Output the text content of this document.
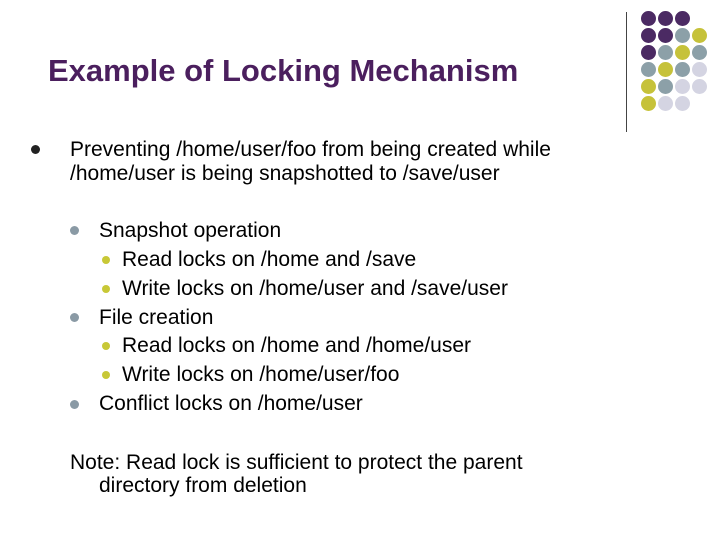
Example of Locking Mechanism
Preventing /home/user/foo from being created while
/home/user is being snapshotted to /save/user
Snapshot operation
Read locks on /home and /save
Write locks on /home/user and /save/user
File creation
Read locks on /home and /home/user
Write locks on /home/user/foo
Conflict locks on /home/user
Note: Read lock is sufficient to protect the parent
directory from deletion
